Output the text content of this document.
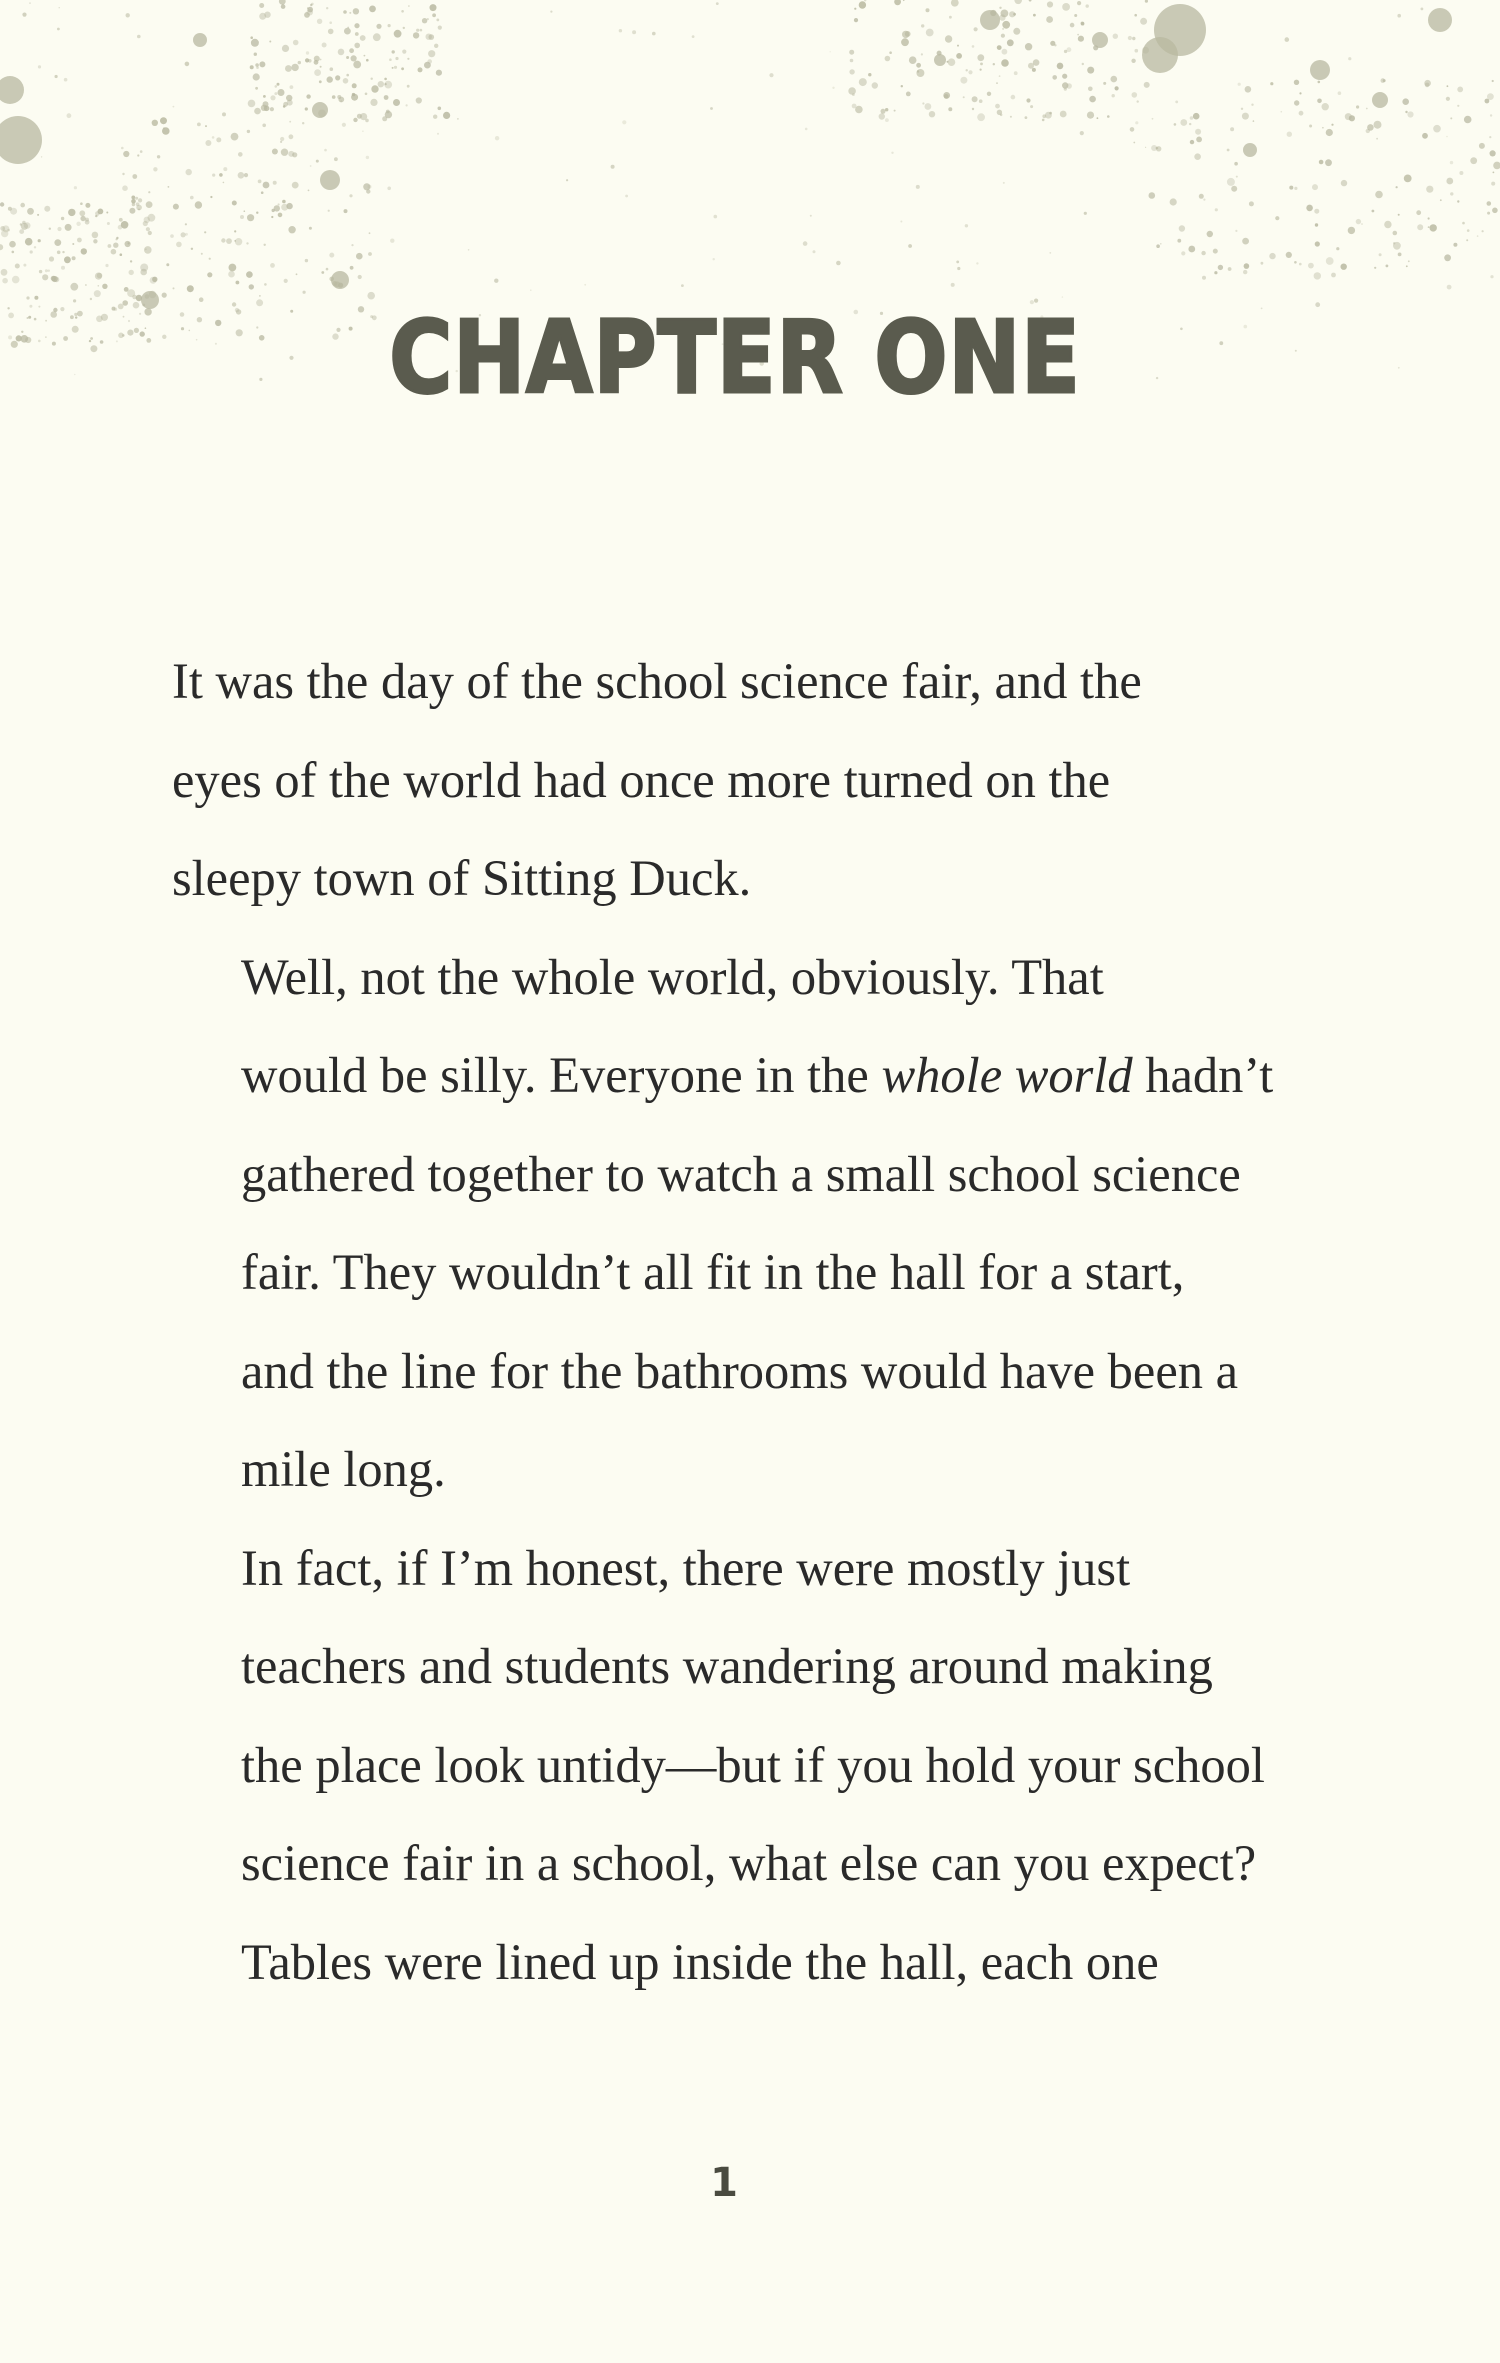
CHAPTER ONE

It was the day of the school science fair, and the
eyes of the world had once more turned on the
sleepy town of Sitting Duck.

Well, not the whole world, obviously. That
would be silly. Everyone in the whole world hadn’t
gathered together to watch a small school science
fair. They wouldn’t all fit in the hall for a start,
and the line for the bathrooms would have been a
mile long.

In fact, if I’m honest, there were mostly just
teachers and students wandering around making
the place look untidy—but if you hold your school
science fair in a school, what else can you expect?

Tables were lined up inside the hall, each one

1
